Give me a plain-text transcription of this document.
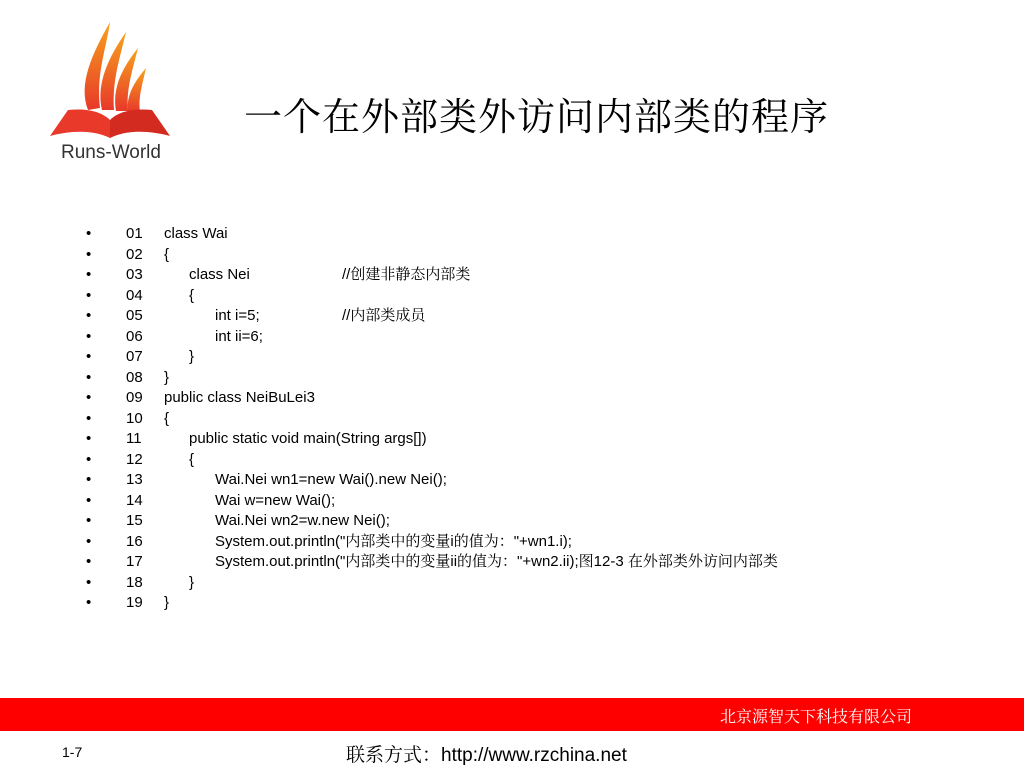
Runs-World
一个在外部类外访问内部类的程序
•	01 class Wai
•	02 {
•	03	class Nei	//创建非静态内部类
•	04	{
•	05	int i=5;	//内部类成员
•	06	int ii=6;
•	07	}
•	08 }
•	09 public class NeiBuLei3
•	10 {
•	11	public static void main(String args[])
•	12	{
•	13	Wai.Nei wn1=new Wai().new Nei();
•	14	Wai w=new Wai();
•	15	Wai.Nei wn2=w.new Nei();
•	16	System.out.println("内部类中的变量i的值为："+wn1.i);
•	17	System.out.println("内部类中的变量ii的值为："+wn2.ii);图12-3 在外部类外访问内部类
•	18	}
•	19 }
北京源智天下科技有限公司
1-7	联系方式：http://www.rzchina.net
